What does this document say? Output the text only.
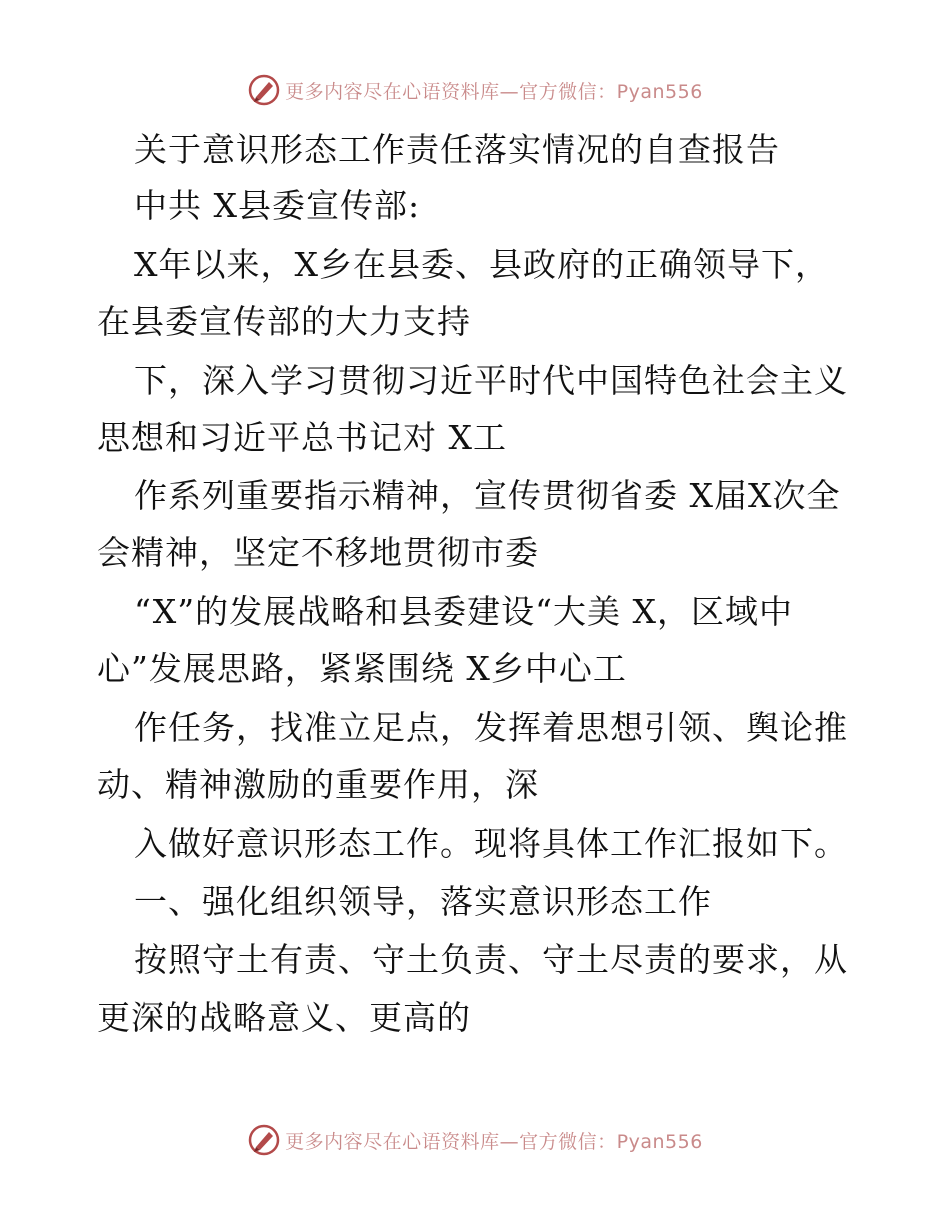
更多内容尽在心语资料库—官方微信：Pyan556
关于意识形态工作责任落实情况的自查报告
中共 X县委宣传部:
X年以来，X乡在县委、县政府的正确领导下，
在县委宣传部的大力支持
下，深入学习贯彻习近平时代中国特色社会主义
思想和习近平总书记对 X工
作系列重要指示精神，宣传贯彻省委 X届X次全
会精神，坚定不移地贯彻市委
“X”的发展战略和县委建设“大美 X，区域中
心”发展思路，紧紧围绕 X乡中心工
作任务，找准立足点，发挥着思想引领、舆论推
动、精神激励的重要作用，深
入做好意识形态工作。现将具体工作汇报如下。
一、强化组织领导，落实意识形态工作
按照守土有责、守土负责、守土尽责的要求，从
更深的战略意义、更高的
更多内容尽在心语资料库—官方微信：Pyan556
